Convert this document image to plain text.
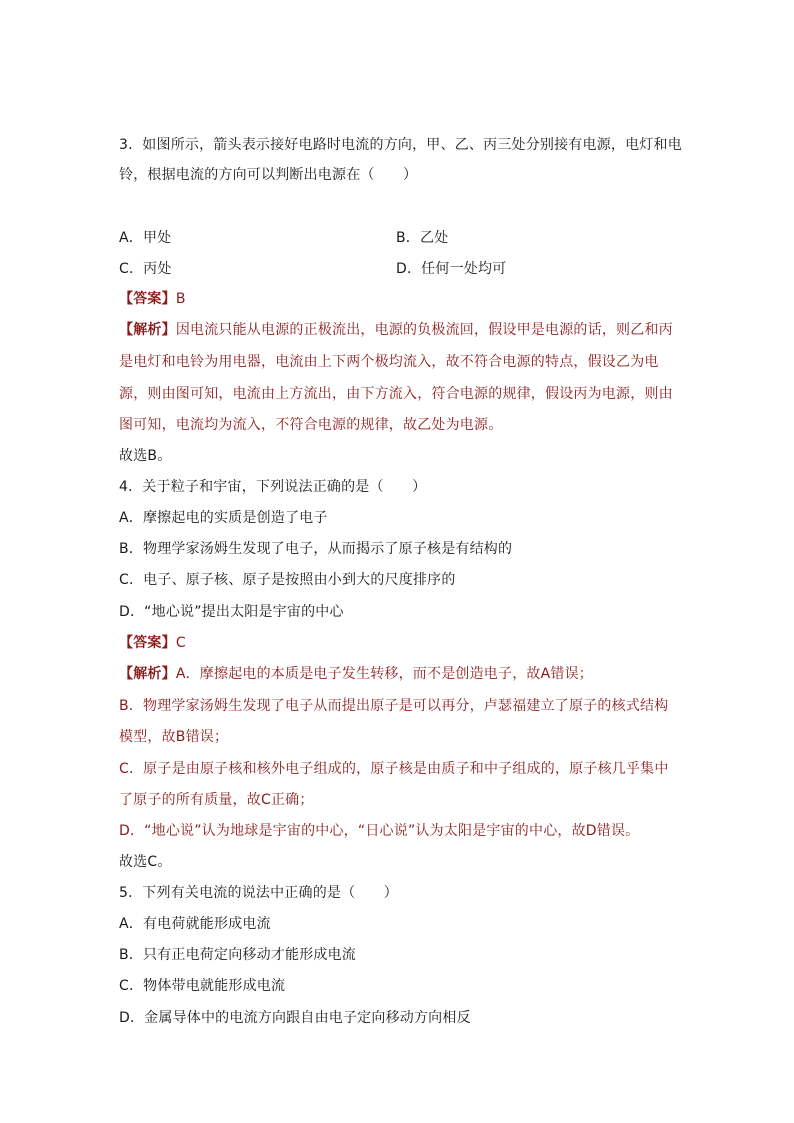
3．如图所示，箭头表示接好电路时电流的方向，甲、乙、丙三处分别接有电源，电灯和电
铃，根据电流的方向可以判断出电源在（　　）
A．甲处	B．乙处
C．丙处	D．任何一处均可
【答案】B
【解析】因电流只能从电源的正极流出，电源的负极流回，假设甲是电源的话，则乙和丙
是电灯和电铃为用电器，电流由上下两个极均流入，故不符合电源的特点，假设乙为电
源，则由图可知，电流由上方流出，由下方流入，符合电源的规律，假设丙为电源，则由
图可知，电流均为流入，不符合电源的规律，故乙处为电源。
故选B。
4．关于粒子和宇宙，下列说法正确的是（　　）
A．摩擦起电的实质是创造了电子
B．物理学家汤姆生发现了电子，从而揭示了原子核是有结构的
C．电子、原子核、原子是按照由小到大的尺度排序的
D．“地心说”提出太阳是宇宙的中心
【答案】C
【解析】A．摩擦起电的本质是电子发生转移，而不是创造电子，故A错误；
B．物理学家汤姆生发现了电子从而提出原子是可以再分，卢瑟福建立了原子的核式结构
模型，故B错误；
C．原子是由原子核和核外电子组成的，原子核是由质子和中子组成的，原子核几乎集中
了原子的所有质量，故C正确；
D．“地心说”认为地球是宇宙的中心，“日心说”认为太阳是宇宙的中心，故D错误。
故选C。
5．下列有关电流的说法中正确的是（　　）
A．有电荷就能形成电流
B．只有正电荷定向移动才能形成电流
C．物体带电就能形成电流
D．金属导体中的电流方向跟自由电子定向移动方向相反
